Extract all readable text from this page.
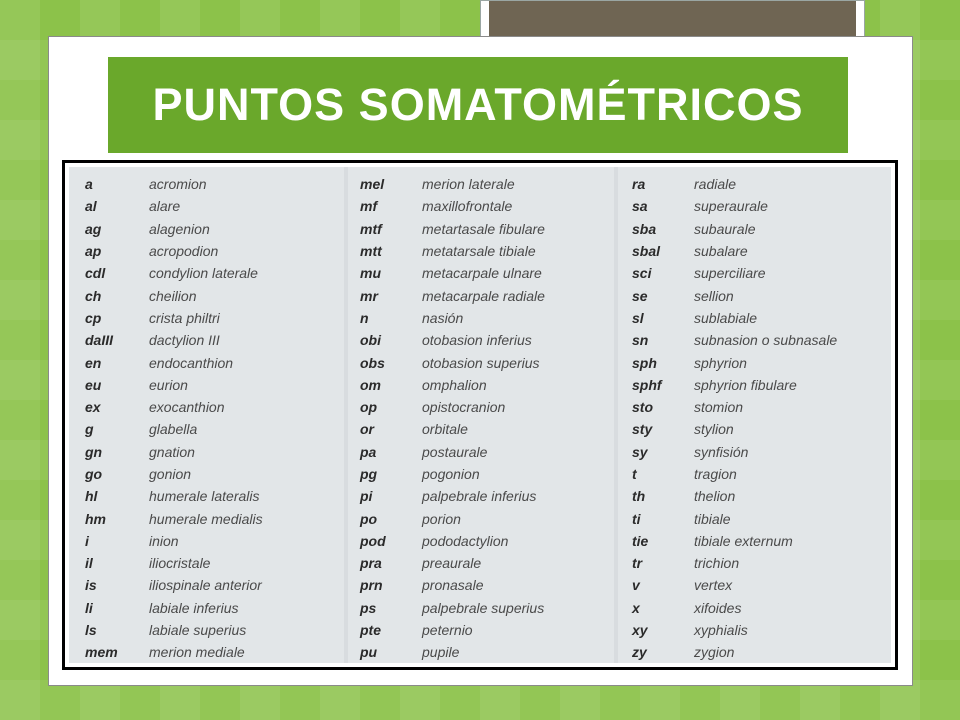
PUNTOS SOMATOMÉTRICOS
a	acromion
al	alare
ag	alagenion
ap	acropodion
cdl	condylion laterale
ch	cheilion
cp	crista philtri
daIII	dactylion III
en	endocanthion
eu	eurion
ex	exocanthion
g	glabella
gn	gnation
go	gonion
hl	humerale lateralis
hm	humerale medialis
i	inion
il	iliocristale
is	iliospinale anterior
li	labiale inferius
ls	labiale superius
mem	merion mediale
mel	merion laterale
mf	maxillofrontale
mtf	metartasale fibulare
mtt	metatarsale tibiale
mu	metacarpale ulnare
mr	metacarpale radiale
n	nasión
obi	otobasion inferius
obs	otobasion superius
om	omphalion
op	opistocranion
or	orbitale
pa	postaurale
pg	pogonion
pi	palpebrale inferius
po	porion
pod	pododactylion
pra	preaurale
prn	pronasale
ps	palpebrale superius
pte	peternio
pu	pupile
ra	radiale
sa	superaurale
sba	subaurale
sbal	subalare
sci	superciliare
se	sellion
sl	sublabiale
sn	subnasion o subnasale
sph	sphyrion
sphf	sphyrion fibulare
sto	stomion
sty	stylion
sy	synfisión
t	tragion
th	thelion
ti	tibiale
tie	tibiale externum
tr	trichion
v	vertex
x	xifoides
xy	xyphialis
zy	zygion
